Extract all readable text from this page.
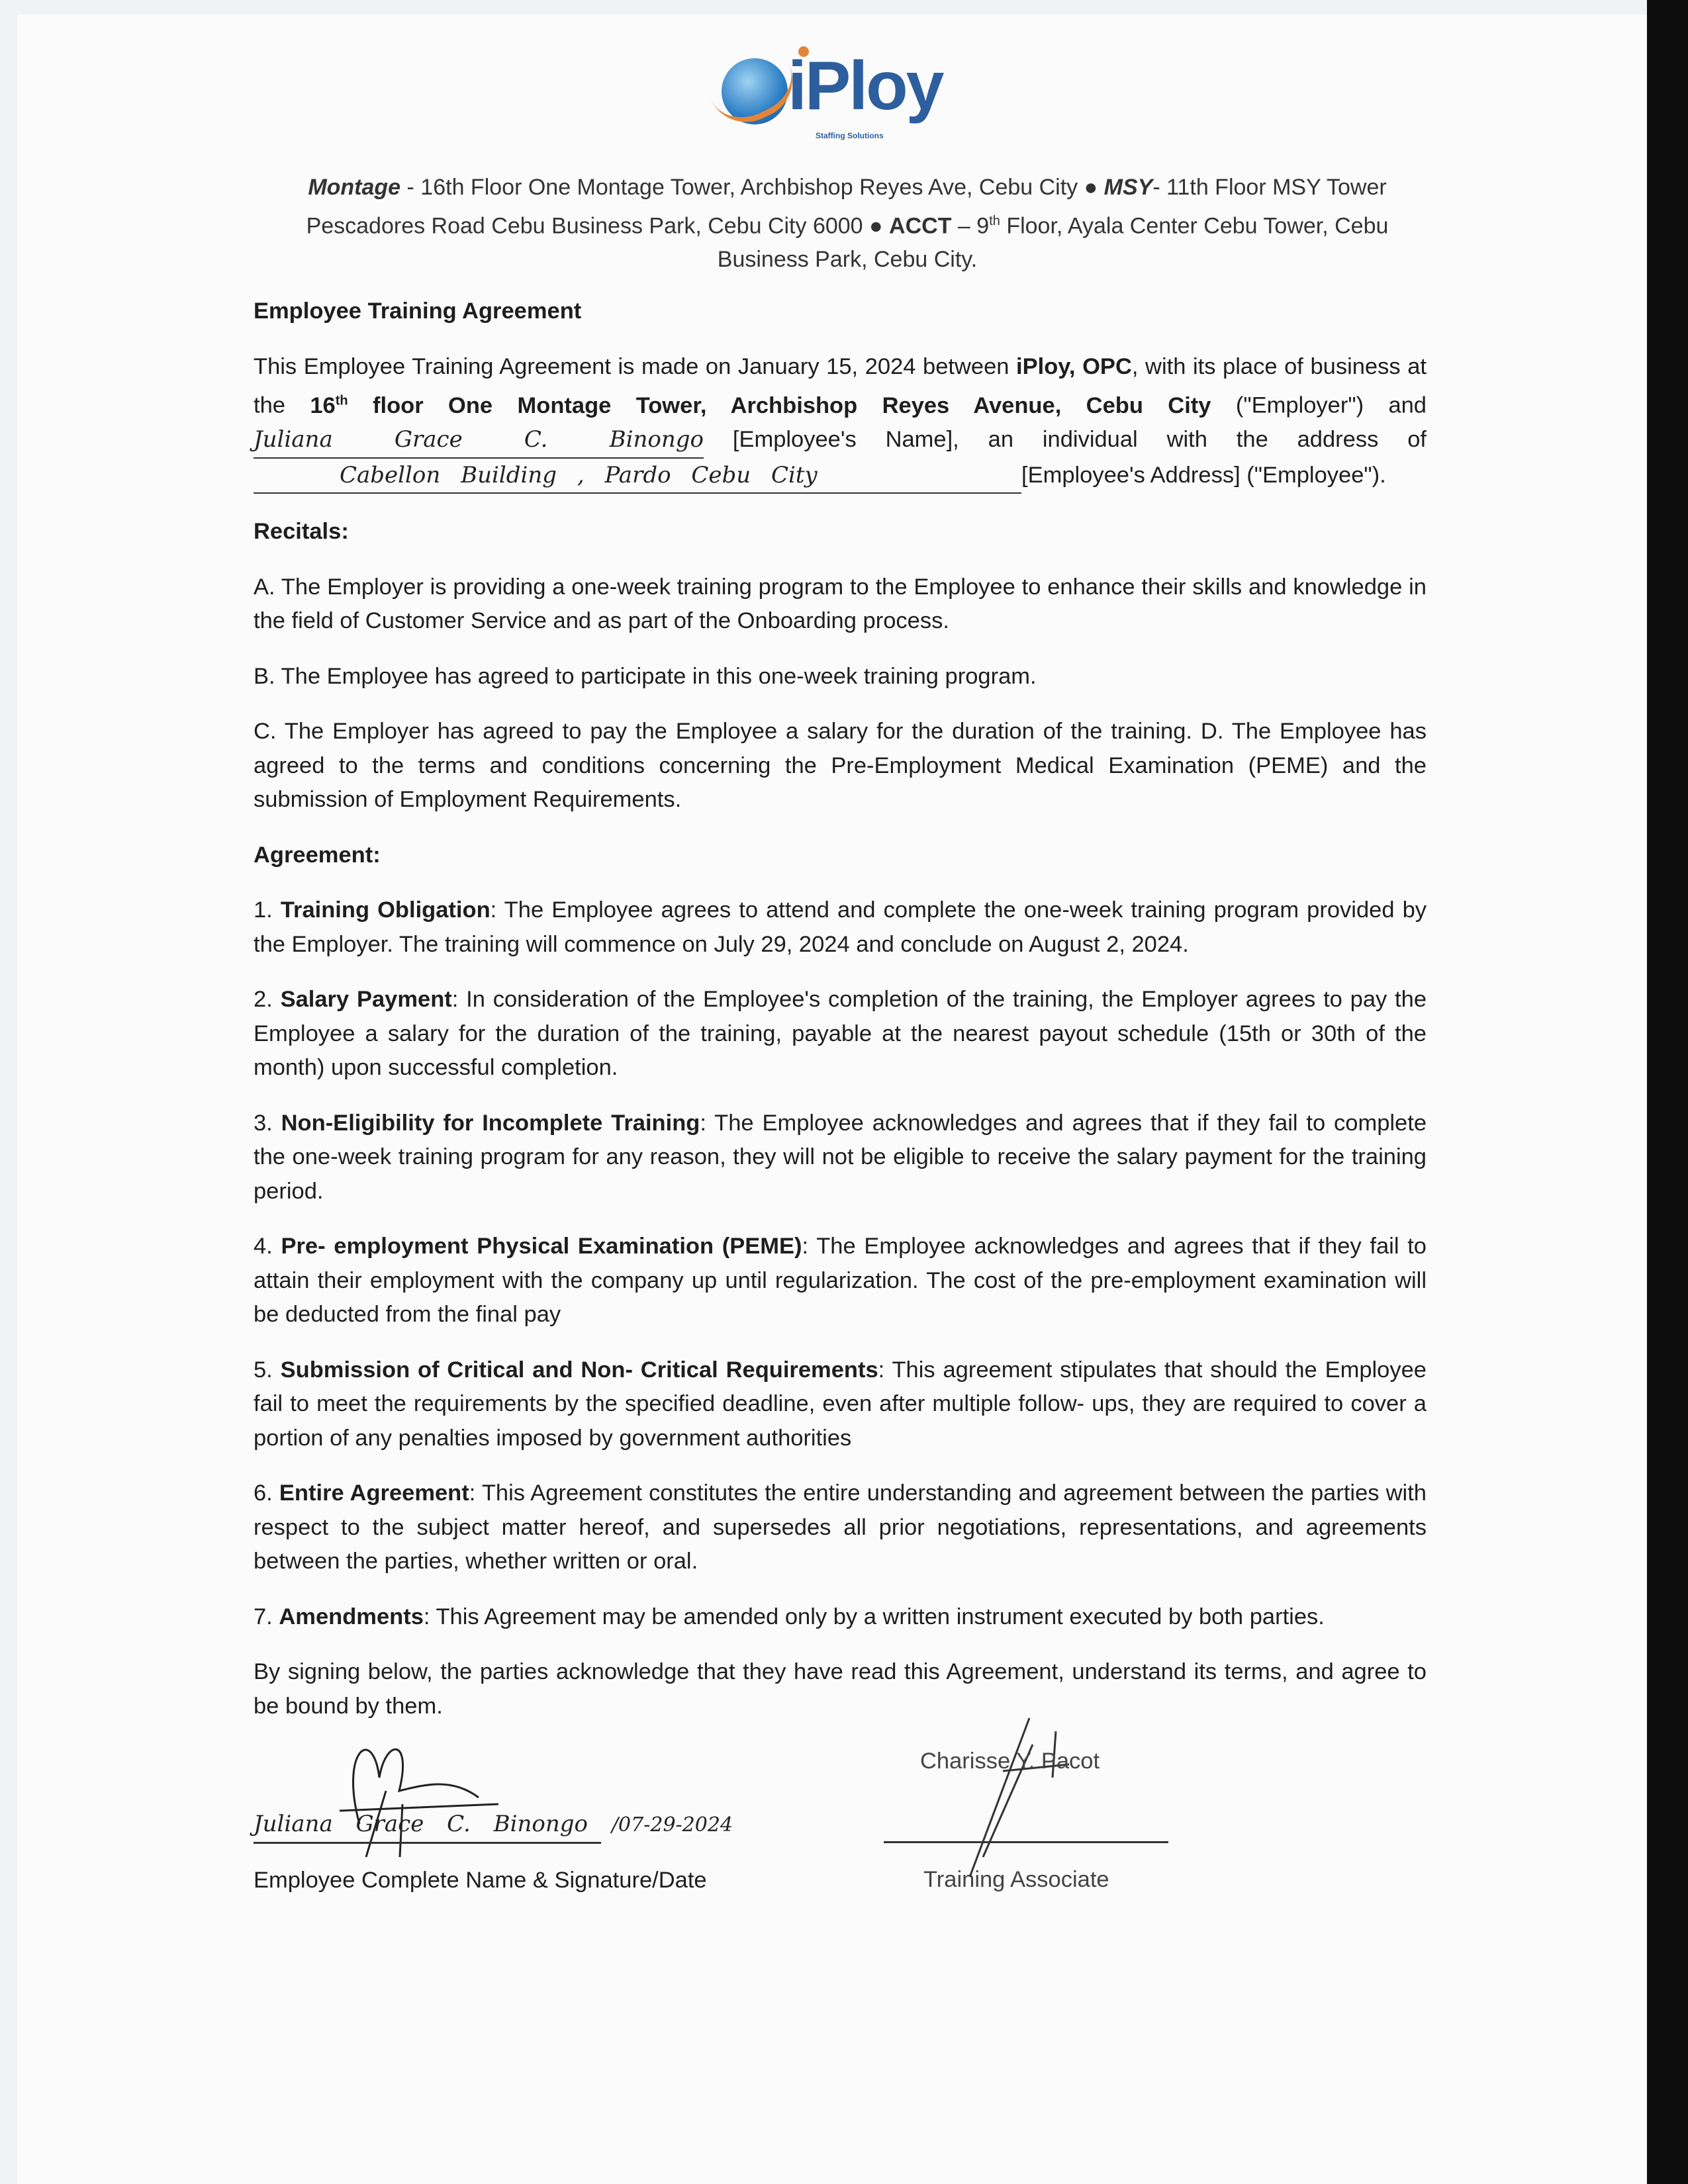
iPloy
Staffing Solutions
Montage - 16th Floor One Montage Tower, Archbishop Reyes Ave, Cebu City ● MSY- 11th Floor MSY Tower Pescadores Road Cebu Business Park, Cebu City 6000 ● ACCT – 9th Floor, Ayala Center Cebu Tower, Cebu Business Park, Cebu City.
Employee Training Agreement

This Employee Training Agreement is made on January 15, 2024 between iPloy, OPC, with its place of business at the 16th floor One Montage Tower, Archbishop Reyes Avenue, Cebu City ("Employer") and Juliana Grace C. Binongo [Employee's Name], an individual with the address of

Cabellon Building , Pardo Cebu City	[Employee's Address] ("Employee").

Recitals:

A. The Employer is providing a one-week training program to the Employee to enhance their skills and knowledge in the field of Customer Service and as part of the Onboarding process.

B. The Employee has agreed to participate in this one-week training program.

C. The Employer has agreed to pay the Employee a salary for the duration of the training. D. The Employee has agreed to the terms and conditions concerning the Pre-Employment Medical Examination (PEME) and the submission of Employment Requirements.

Agreement:

1. Training Obligation: The Employee agrees to attend and complete the one-week training program provided by the Employer. The training will commence on July 29, 2024 and conclude on August 2, 2024.

2. Salary Payment: In consideration of the Employee's completion of the training, the Employer agrees to pay the Employee a salary for the duration of the training, payable at the nearest payout schedule (15th or 30th of the month) upon successful completion.

3. Non-Eligibility for Incomplete Training: The Employee acknowledges and agrees that if they fail to complete the one-week training program for any reason, they will not be eligible to receive the salary payment for the training period.

4. Pre- employment Physical Examination (PEME): The Employee acknowledges and agrees that if they fail to attain their employment with the company up until regularization. The cost of the pre-employment examination will be deducted from the final pay

5. Submission of Critical and Non- Critical Requirements: This agreement stipulates that should the Employee fail to meet the requirements by the specified deadline, even after multiple follow- ups, they are required to cover a portion of any penalties imposed by government authorities

6. Entire Agreement: This Agreement constitutes the entire understanding and agreement between the parties with respect to the subject matter hereof, and supersedes all prior negotiations, representations, and agreements between the parties, whether written or oral.

7. Amendments: This Agreement may be amended only by a written instrument executed by both parties.

By signing below, the parties acknowledge that they have read this Agreement, understand its terms, and agree to be bound by them.

Juliana Grace C. Binongo /07-29-2024
Employee Complete Name & Signature/Date
Charisse Y. Pacot
Training Associate
